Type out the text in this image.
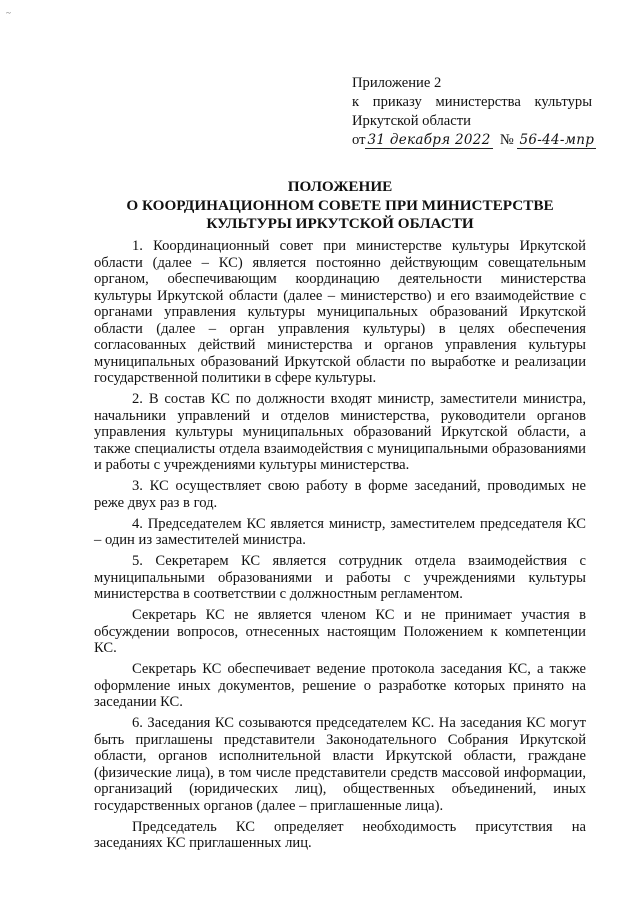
~
Приложение 2
к приказу министерства культуры
Иркутской области
от 31 декабря 2022 № 56-44-мпр
ПОЛОЖЕНИЕ
О КООРДИНАЦИОННОМ СОВЕТЕ ПРИ МИНИСТЕРСТВЕ
КУЛЬТУРЫ ИРКУТСКОЙ ОБЛАСТИ

1. Координационный совет при министерстве культуры Иркутской области (далее – КС) является постоянно действующим совещательным органом, обеспечивающим координацию деятельности министерства культуры Иркутской области (далее – министерство) и его взаимодействие с органами управления культуры муниципальных образований Иркутской области (далее – орган управления культуры) в целях обеспечения согласованных действий министерства и органов управления культуры муниципальных образований Иркутской области по выработке и реализации государственной политики в сфере культуры.

2. В состав КС по должности входят министр, заместители министра, начальники управлений и отделов министерства, руководители органов управления культуры муниципальных образований Иркутской области, а также специалисты отдела взаимодействия с муниципальными образованиями и работы с учреждениями культуры министерства.

3. КС осуществляет свою работу в форме заседаний, проводимых не реже двух раз в год.

4. Председателем КС является министр, заместителем председателя КС – один из заместителей министра.

5. Секретарем КС является сотрудник отдела взаимодействия с муниципальными образованиями и работы с учреждениями культуры министерства в соответствии с должностным регламентом.

Секретарь КС не является членом КС и не принимает участия в обсуждении вопросов, отнесенных настоящим Положением к компетенции КС.

Секретарь КС обеспечивает ведение протокола заседания КС, а также оформление иных документов, решение о разработке которых принято на заседании КС.

6. Заседания КС созываются председателем КС. На заседания КС могут быть приглашены представители Законодательного Собрания Иркутской области, органов исполнительной власти Иркутской области, граждане (физические лица), в том числе представители средств массовой информации, организаций (юридических лиц), общественных объединений, иных государственных органов (далее – приглашенные лица).

Председатель КС определяет необходимость присутствия на

заседаниях КС приглашенных лиц.
